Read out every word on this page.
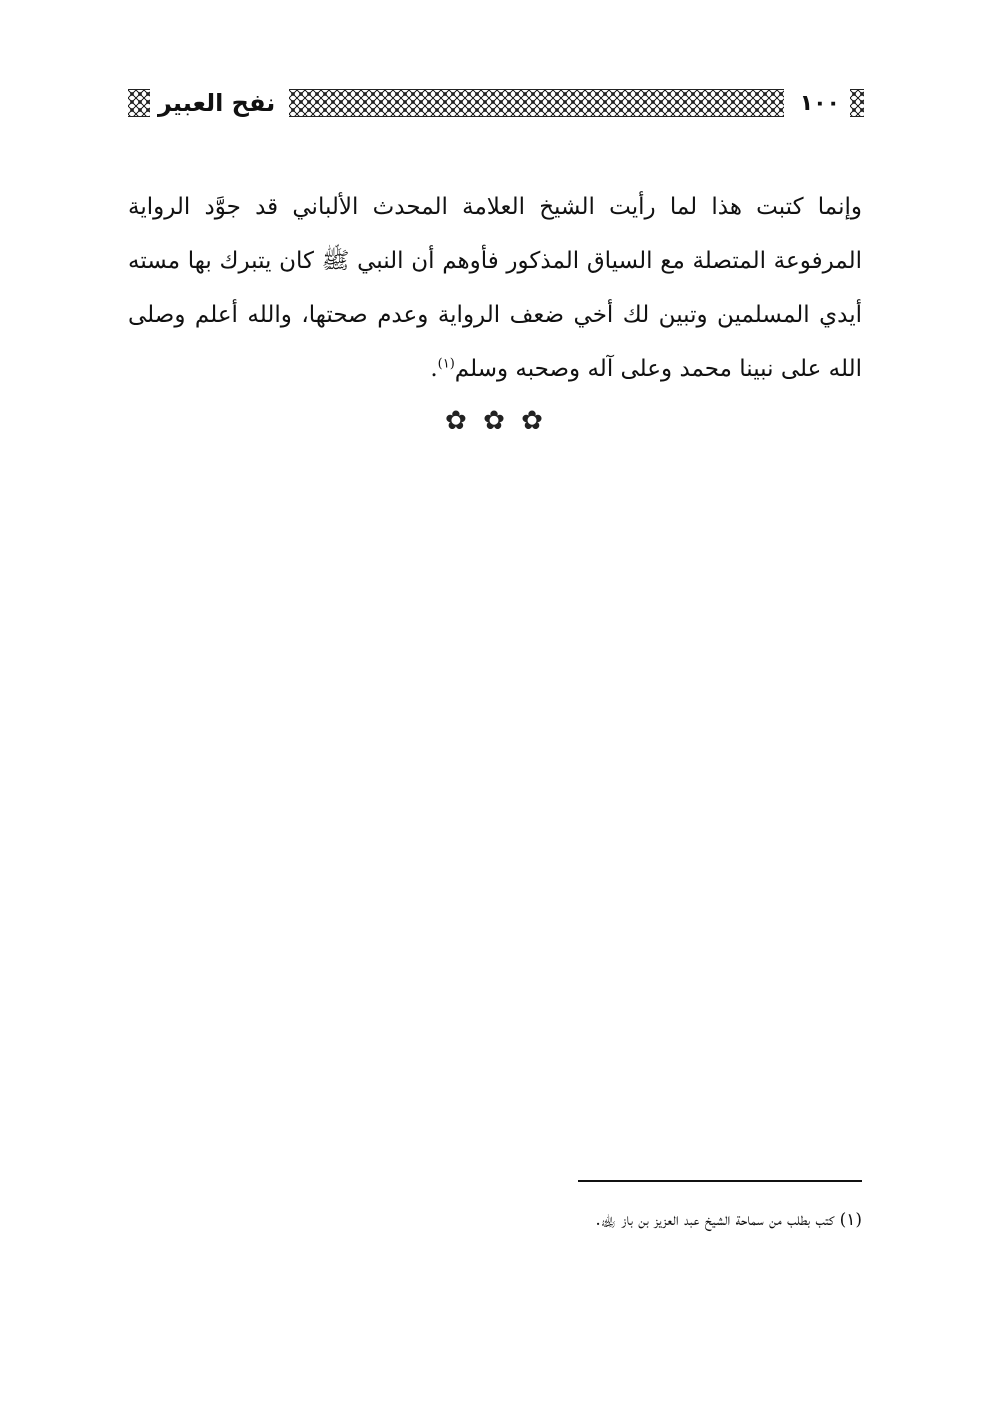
١٠٠
نفح العبير
وإنما كتبت هذا لما رأيت الشيخ العلامة المحدث الألباني قد جوَّد الرواية المرفوعة المتصلة مع السياق المذكور فأوهم أن النبي ﷺ كان يتبرك بها مسته أيدي المسلمين وتبين لك أخي ضعف الرواية وعدم صحتها، والله أعلم وصلى الله على نبينا محمد وعلى آله وصحبه وسلم$^{(١)}$.
✿ ✿ ✿
(١) كتب بطلب من سماحة الشيخ عبد العزيز بن باز ﵀.
